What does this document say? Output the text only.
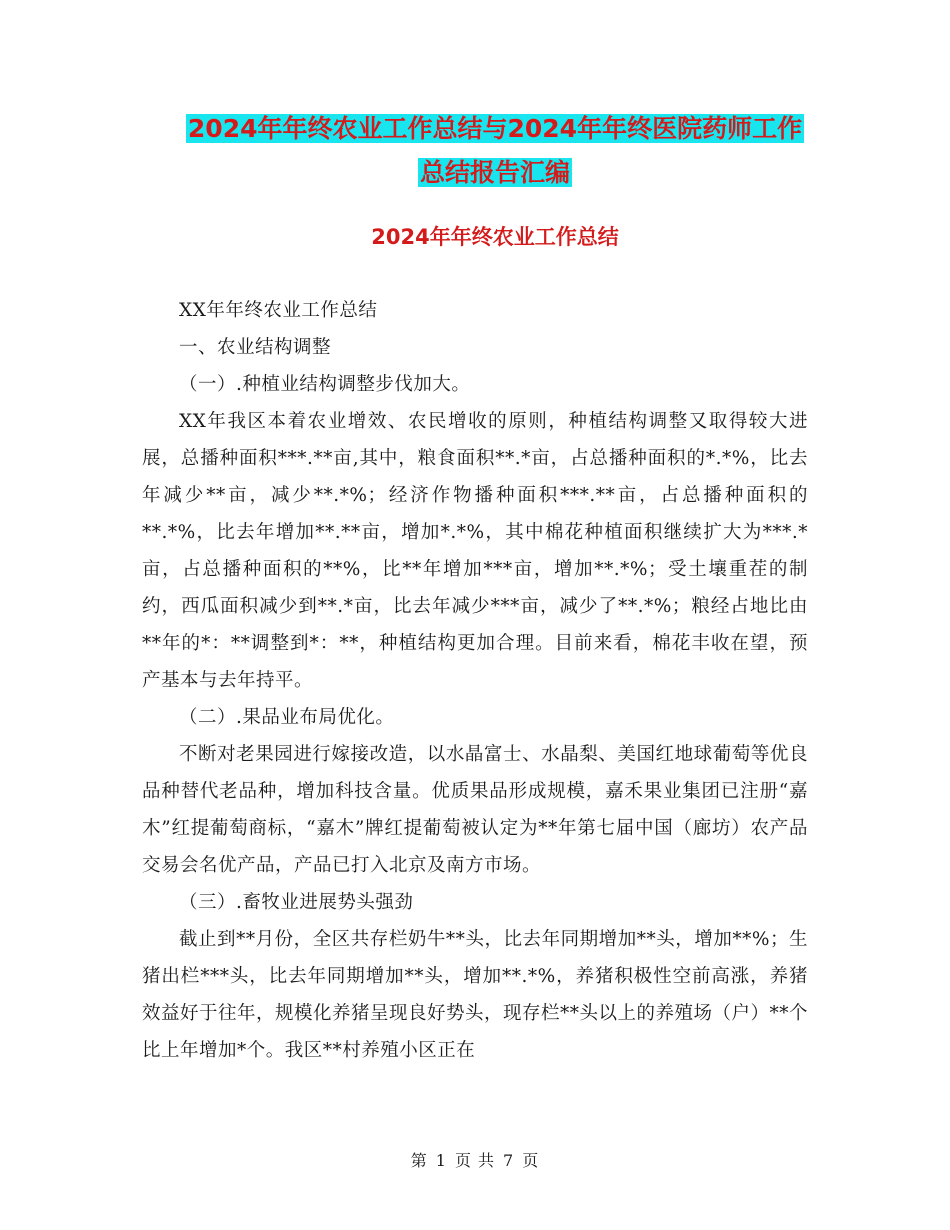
2024年年终农业工作总结与2024年年终医院药师工作
总结报告汇编
2024年年终农业工作总结

XX年年终农业工作总结

一、农业结构调整

（一）.种植业结构调整步伐加大。

XX年我区本着农业增效、农民增收的原则，种植结构调整又取得较大进展，总播种面积***.**亩,其中，粮食面积**.*亩，占总播种面积的*.*%，比去年减少**亩，减少**.*%；经济作物播种面积***.**亩，占总播种面积的**.*%，比去年增加**.**亩，增加*.*%，其中棉花种植面积继续扩大为***.*亩，占总播种面积的**%，比**年增加***亩，增加**.*%；受土壤重茬的制约，西瓜面积减少到**.*亩，比去年减少***亩，减少了**.*%；粮经占地比由**年的*：**调整到*：**，种植结构更加合理。目前来看，棉花丰收在望，预产基本与去年持平。

（二）.果品业布局优化。

不断对老果园进行嫁接改造，以水晶富士、水晶梨、美国红地球葡萄等优良品种替代老品种，增加科技含量。优质果品形成规模，嘉禾果业集团已注册“嘉木”红提葡萄商标，“嘉木”牌红提葡萄被认定为**年第七届中国（廊坊）农产品交易会名优产品，产品已打入北京及南方市场。

（三）.畜牧业进展势头强劲

截止到**月份，全区共存栏奶牛**头，比去年同期增加**头，增加**%；生猪出栏***头，比去年同期增加**头，增加**.*%，养猪积极性空前高涨，养猪效益好于往年，规模化养猪呈现良好势头，现存栏**头以上的养殖场（户）**个比上年增加*个。我区**村养殖小区正在

第 1 页 共 7 页
